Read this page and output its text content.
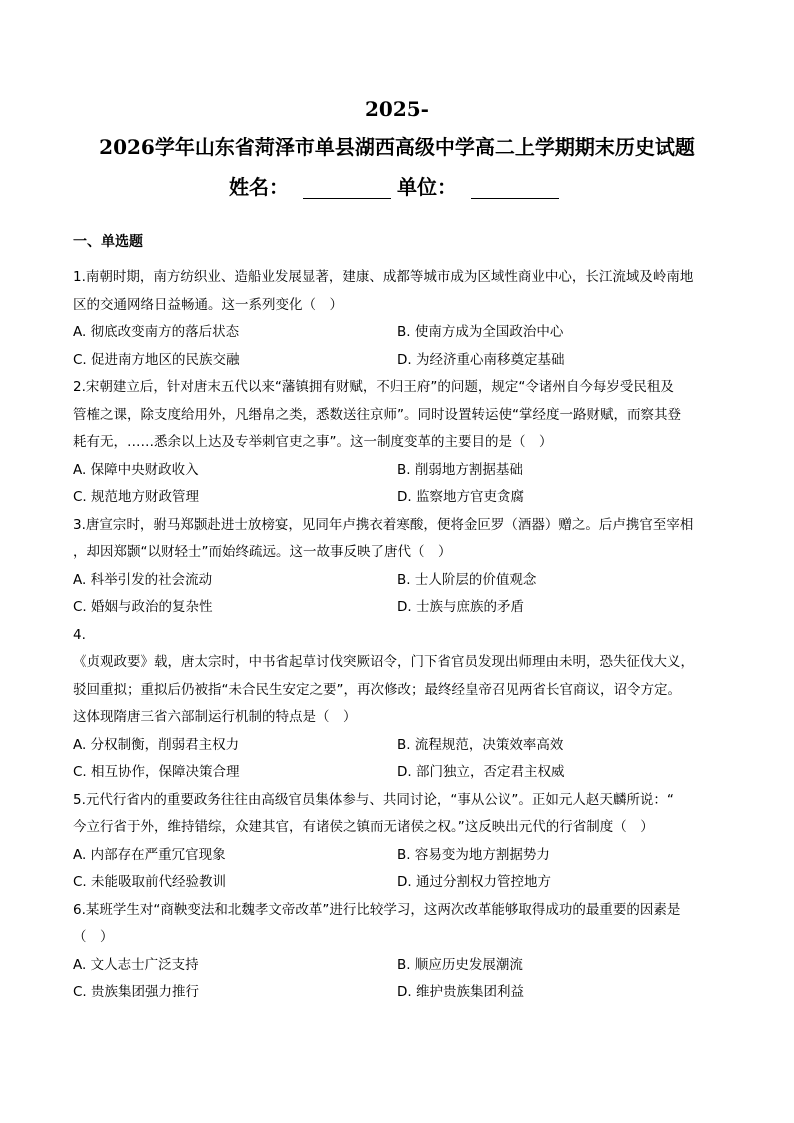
2025-
2026学年山东省菏泽市单县湖西高级中学高二上学期期末历史试题
姓名：	单位：
一、单选题
1.南朝时期，南方纺织业、造船业发展显著，建康、成都等城市成为区域性商业中心，长江流域及岭南地
区的交通网络日益畅通。这一系列变化（　）
A. 彻底改变南方的落后状态	B. 使南方成为全国政治中心
C. 促进南方地区的民族交融	D. 为经济重心南移奠定基础
2.宋朝建立后，针对唐末五代以来“藩镇拥有财赋，不归王府”的问题，规定“令诸州自今每岁受民租及
管榷之课，除支度给用外，凡缗帛之类，悉数送往京师”。同时设置转运使“掌经度一路财赋，而察其登
耗有无，……悉余以上达及专举刺官吏之事”。这一制度变革的主要目的是（　）
A. 保障中央财政收入	B. 削弱地方割据基础
C. 规范地方财政管理	D. 监察地方官吏贪腐
3.唐宣宗时，驸马郑颢赴进士放榜宴，见同年卢携衣着寒酸，便将金叵罗（酒器）赠之。后卢携官至宰相
，却因郑颢“以财轻士”而始终疏远。这一故事反映了唐代（　）
A. 科举引发的社会流动	B. 士人阶层的价值观念
C. 婚姻与政治的复杂性	D. 士族与庶族的矛盾
4.
《贞观政要》载，唐太宗时，中书省起草讨伐突厥诏令，门下省官员发现出师理由未明，恐失征伐大义，
驳回重拟；重拟后仍被指“未合民生安定之要”，再次修改；最终经皇帝召见两省长官商议，诏令方定。
这体现隋唐三省六部制运行机制的特点是（　）
A. 分权制衡，削弱君主权力	B. 流程规范，决策效率高效
C. 相互协作，保障决策合理	D. 部门独立，否定君主权威
5.元代行省内的重要政务往往由高级官员集体参与、共同讨论，“事从公议”。正如元人赵天麟所说：“
今立行省于外，维持错综，众建其官，有诸侯之镇而无诸侯之权。”这反映出元代的行省制度（　）
A. 内部存在严重冗官现象	B. 容易变为地方割据势力
C. 未能吸取前代经验教训	D. 通过分割权力管控地方
6.某班学生对“商鞅变法和北魏孝文帝改革”进行比较学习，这两次改革能够取得成功的最重要的因素是
（　）
A. 文人志士广泛支持	B. 顺应历史发展潮流
C. 贵族集团强力推行	D. 维护贵族集团利益
